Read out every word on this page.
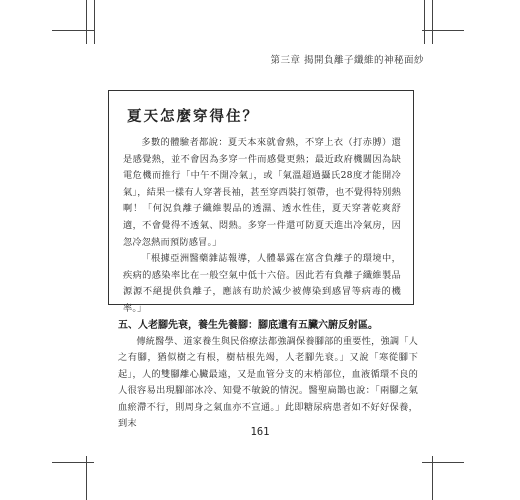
第三章 揭開負離子纖維的神秘面紗
夏天怎麼穿得住？

多數的體驗者都說：夏天本來就會熱，不穿上衣（打赤膊）還是感覺熱，並不會因為多穿一件而感覺更熱；最近政府機關因為缺電危機而推行「中午不開冷氣」，或「氣溫超過攝氏28度才能開冷氣」，結果一樣有人穿著長袖，甚至穿西裝打領帶，也不覺得特別熱啊！「何況負離子纖維製品的透濕、透水性佳，夏天穿著乾爽舒適，不會覺得不透氣、悶熱。多穿一件還可防夏天進出冷氣房，因忽冷忽熱而預防感冒。」

「根據亞洲醫藥雜誌報導，人體暴露在富含負離子的環境中，疾病的感染率比在一般空氣中低十六倍。因此若有負離子纖維製品源源不絕提供負離子，應該有助於減少被傳染到感冒等病毒的機率。」

五、人老腳先衰，養生先養腳：腳底遺有五臟六腑反射區。

傳統醫學、道家養生與民俗療法都強調保養腳部的重要性，強調「人之有腳，猶似樹之有根，樹枯根先竭，人老腳先衰。」又說「寒從腳下起」，人的雙腳離心臟最遠，又是血管分支的末梢部位，血液循環不良的人很容易出現腳部冰冷、知覺不敏銳的情況。醫聖扁鵲也說：「兩腳之氣血瘀滯不行，則周身之氣血亦不宣通。」此即糖尿病患者如不好好保養，到末

161
